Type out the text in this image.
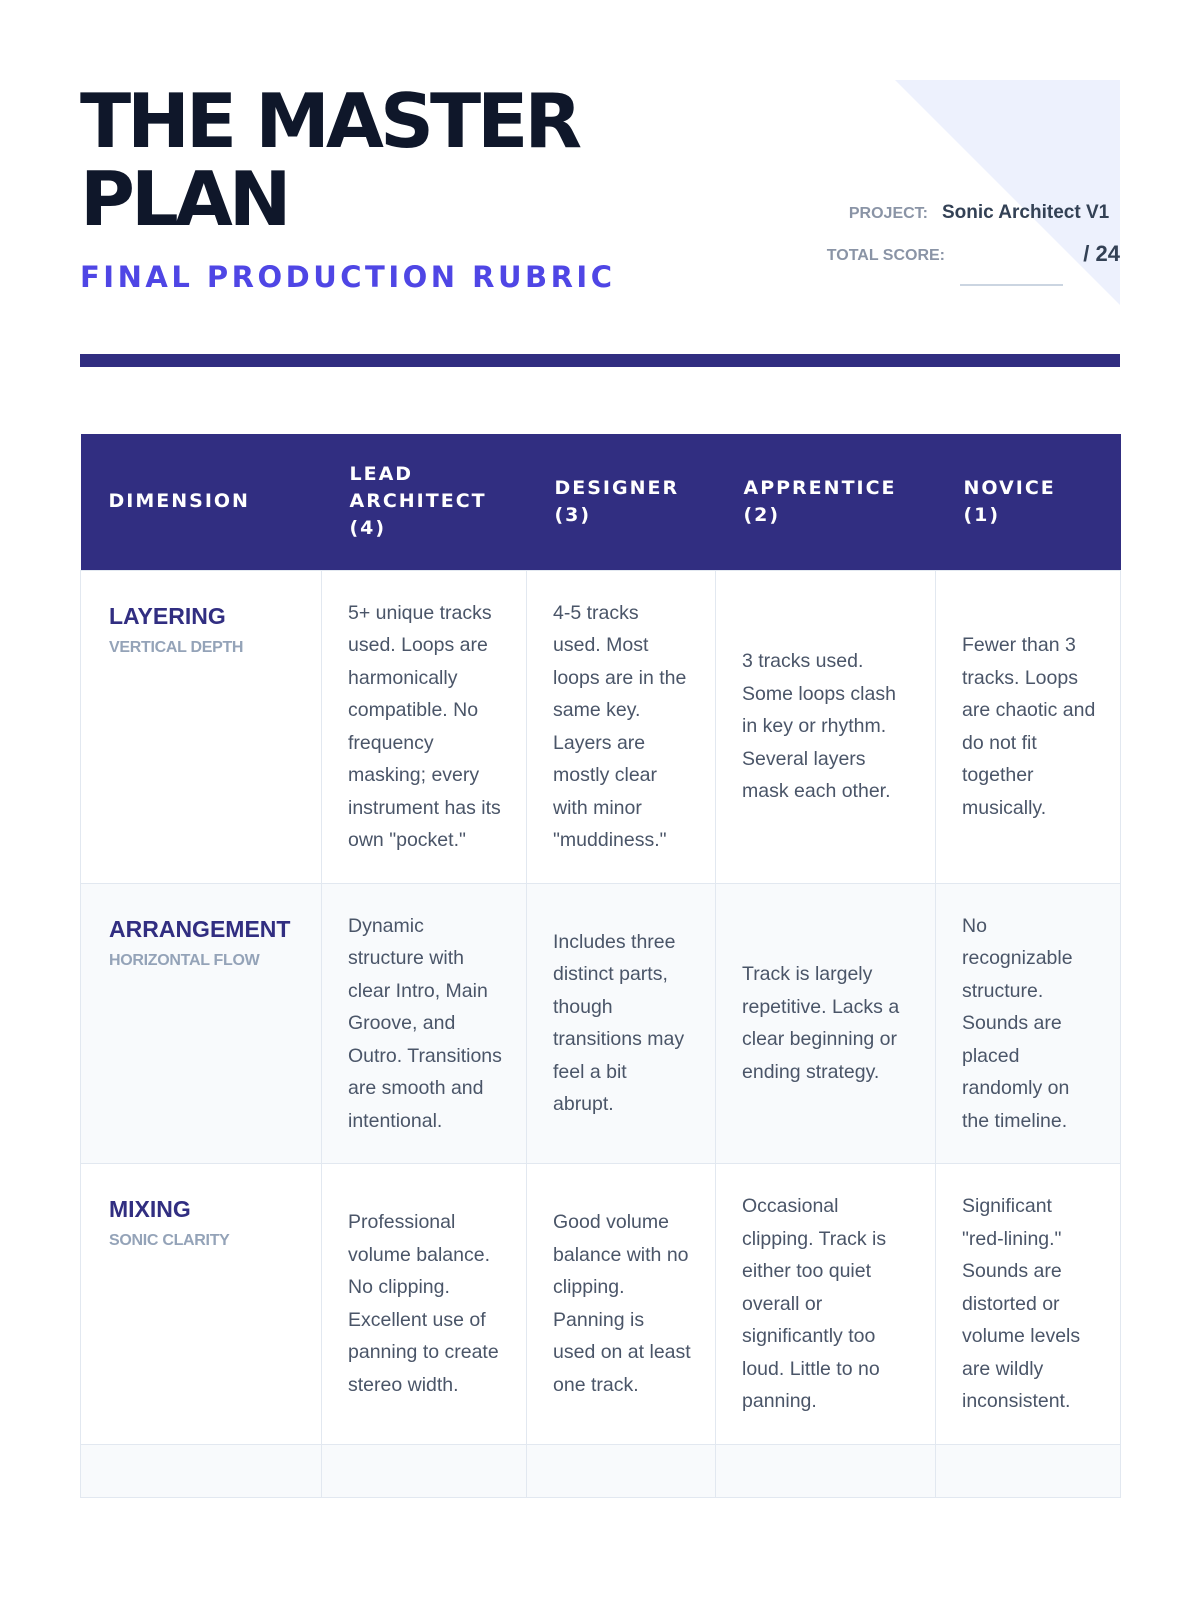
THE MASTER PLAN
FINAL PRODUCTION RUBRIC
PROJECT: Sonic Architect V1
TOTAL SCORE:	/ 24
DIMENSION	LEAD ARCHITECT (4)	DESIGNER (3)	APPRENTICE (2)	NOVICE (1)

LAYERING
VERTICAL DEPTH	5+ unique tracks used. Loops are harmonically compatible. No frequency masking; every instrument has its own "pocket."	4-5 tracks used. Most loops are in the same key. Layers are mostly clear with minor "muddiness."	3 tracks used. Some loops clash in key or rhythm. Several layers mask each other.	Fewer than 3 tracks. Loops are chaotic and do not fit together musically.

ARRANGEMENT
HORIZONTAL FLOW	Dynamic structure with clear Intro, Main Groove, and Outro. Transitions are smooth and intentional.	Includes three distinct parts, though transitions may feel a bit abrupt.	Track is largely repetitive. Lacks a clear beginning or ending strategy.	No recognizable structure. Sounds are placed randomly on the timeline.

MIXING
SONIC CLARITY	Professional volume balance. No clipping. Excellent use of panning to create stereo width.	Good volume balance with no clipping. Panning is used on at least one track.	Occasional clipping. Track is either too quiet overall or significantly too loud. Little to no panning.	Significant "red-lining." Sounds are distorted or volume levels are wildly inconsistent.
